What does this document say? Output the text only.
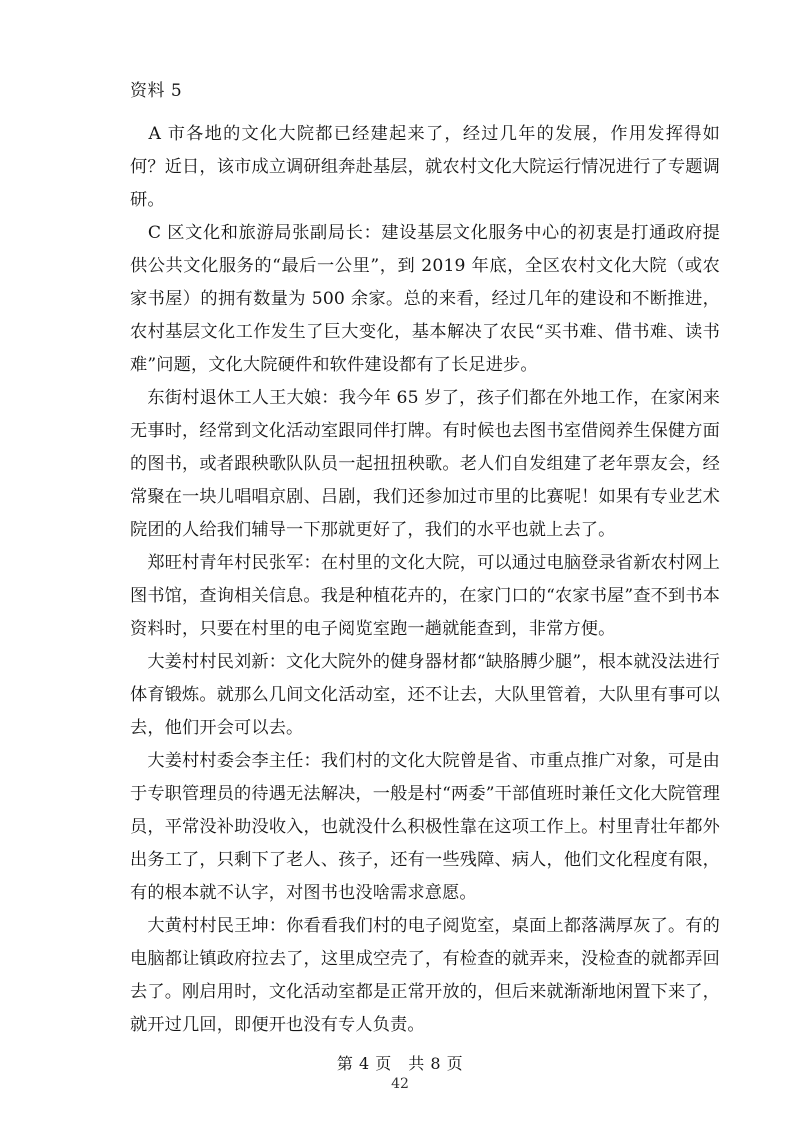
资料 5

　A 市各地的文化大院都已经建起来了，经过几年的发展，作用发挥得如何？近日，该市成立调研组奔赴基层，就农村文化大院运行情况进行了专题调研。

　C 区文化和旅游局张副局长：建设基层文化服务中心的初衷是打通政府提供公共文化服务的“最后一公里”，到 2019 年底，全区农村文化大院（或农家书屋）的拥有数量为 500 余家。总的来看，经过几年的建设和不断推进，农村基层文化工作发生了巨大变化，基本解决了农民“买书难、借书难、读书难”问题，文化大院硬件和软件建设都有了长足进步。

　东街村退休工人王大娘：我今年 65 岁了，孩子们都在外地工作，在家闲来无事时，经常到文化活动室跟同伴打牌。有时候也去图书室借阅养生保健方面的图书，或者跟秧歌队队员一起扭扭秧歌。老人们自发组建了老年票友会，经常聚在一块儿唱唱京剧、吕剧，我们还参加过市里的比赛呢！如果有专业艺术院团的人给我们辅导一下那就更好了，我们的水平也就上去了。

　郑旺村青年村民张军：在村里的文化大院，可以通过电脑登录省新农村网上图书馆，查询相关信息。我是种植花卉的，在家门口的“农家书屋”查不到书本资料时，只要在村里的电子阅览室跑一趟就能查到，非常方便。

　大姜村村民刘新：文化大院外的健身器材都“缺胳膊少腿”，根本就没法进行体育锻炼。就那么几间文化活动室，还不让去，大队里管着，大队里有事可以去，他们开会可以去。

　大姜村村委会李主任：我们村的文化大院曾是省、市重点推广对象，可是由于专职管理员的待遇无法解决，一般是村“两委”干部值班时兼任文化大院管理员，平常没补助没收入，也就没什么积极性靠在这项工作上。村里青壮年都外出务工了，只剩下了老人、孩子，还有一些残障、病人，他们文化程度有限，有的根本就不认字，对图书也没啥需求意愿。

　大黄村村民王坤：你看看我们村的电子阅览室，桌面上都落满厚灰了。有的电脑都让镇政府拉去了，这里成空壳了，有检查的就弄来，没检查的就都弄回去了。刚启用时，文化活动室都是正常开放的，但后来就渐渐地闲置下来了，就开过几回，即便开也没有专人负责。

第 4 页　共 8 页
42
